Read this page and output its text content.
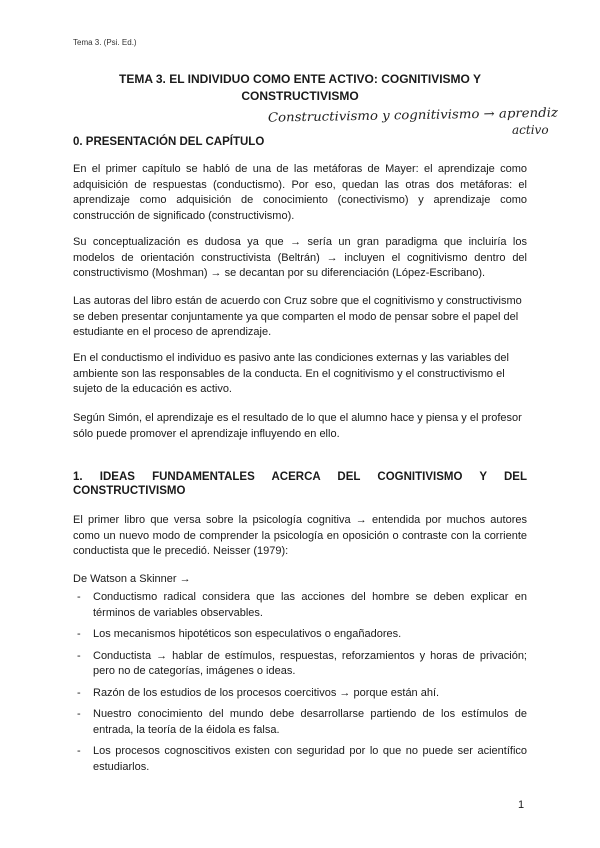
Tema 3. (Psi. Ed.)
TEMA 3. EL INDIVIDUO COMO ENTE ACTIVO: COGNITIVISMO Y
CONSTRUCTIVISMO
Constructivismo y cognitivismo → aprendiz
activo
0. PRESENTACIÓN DEL CAPÍTULO
En el primer capítulo se habló de una de las metáforas de Mayer: el aprendizaje como adquisición de respuestas (conductismo). Por eso, quedan las otras dos metáforas: el aprendizaje como adquisición de conocimiento (conectivismo) y aprendizaje como construcción de significado (constructivismo).
Su conceptualización es dudosa ya que → sería un gran paradigma que incluiría los modelos de orientación constructivista (Beltrán) → incluyen el cognitivismo dentro del constructivismo (Moshman) → se decantan por su diferenciación (López-Escribano).
Las autoras del libro están de acuerdo con Cruz sobre que el cognitivismo y constructivismo se deben presentar conjuntamente ya que comparten el modo de pensar sobre el papel del estudiante en el proceso de aprendizaje.
En el conductismo el individuo es pasivo ante las condiciones externas y las variables del ambiente son las responsables de la conducta. En el cognitivismo y el constructivismo el sujeto de la educación es activo.
Según Simón, el aprendizaje es el resultado de lo que el alumno hace y piensa y el profesor sólo puede promover el aprendizaje influyendo en ello.
1. IDEAS FUNDAMENTALES ACERCA DEL COGNITIVISMO Y DEL
CONSTRUCTIVISMO
El primer libro que versa sobre la psicología cognitiva → entendida por muchos autores como un nuevo modo de comprender la psicología en oposición o contraste con la corriente conductista que le precedió. Neisser (1979):
De Watson a Skinner →
- Conductismo radical considera que las acciones del hombre se deben explicar en términos de variables observables.
- Los mecanismos hipotéticos son especulativos o engañadores.
- Conductista → hablar de estímulos, respuestas, reforzamientos y horas de privación; pero no de categorías, imágenes o ideas.
- Razón de los estudios de los procesos coercitivos → porque están ahí.
- Nuestro conocimiento del mundo debe desarrollarse partiendo de los estímulos de entrada, la teoría de la éidola es falsa.
- Los procesos cognoscitivos existen con seguridad por lo que no puede ser acientífico estudiarlos.
1
